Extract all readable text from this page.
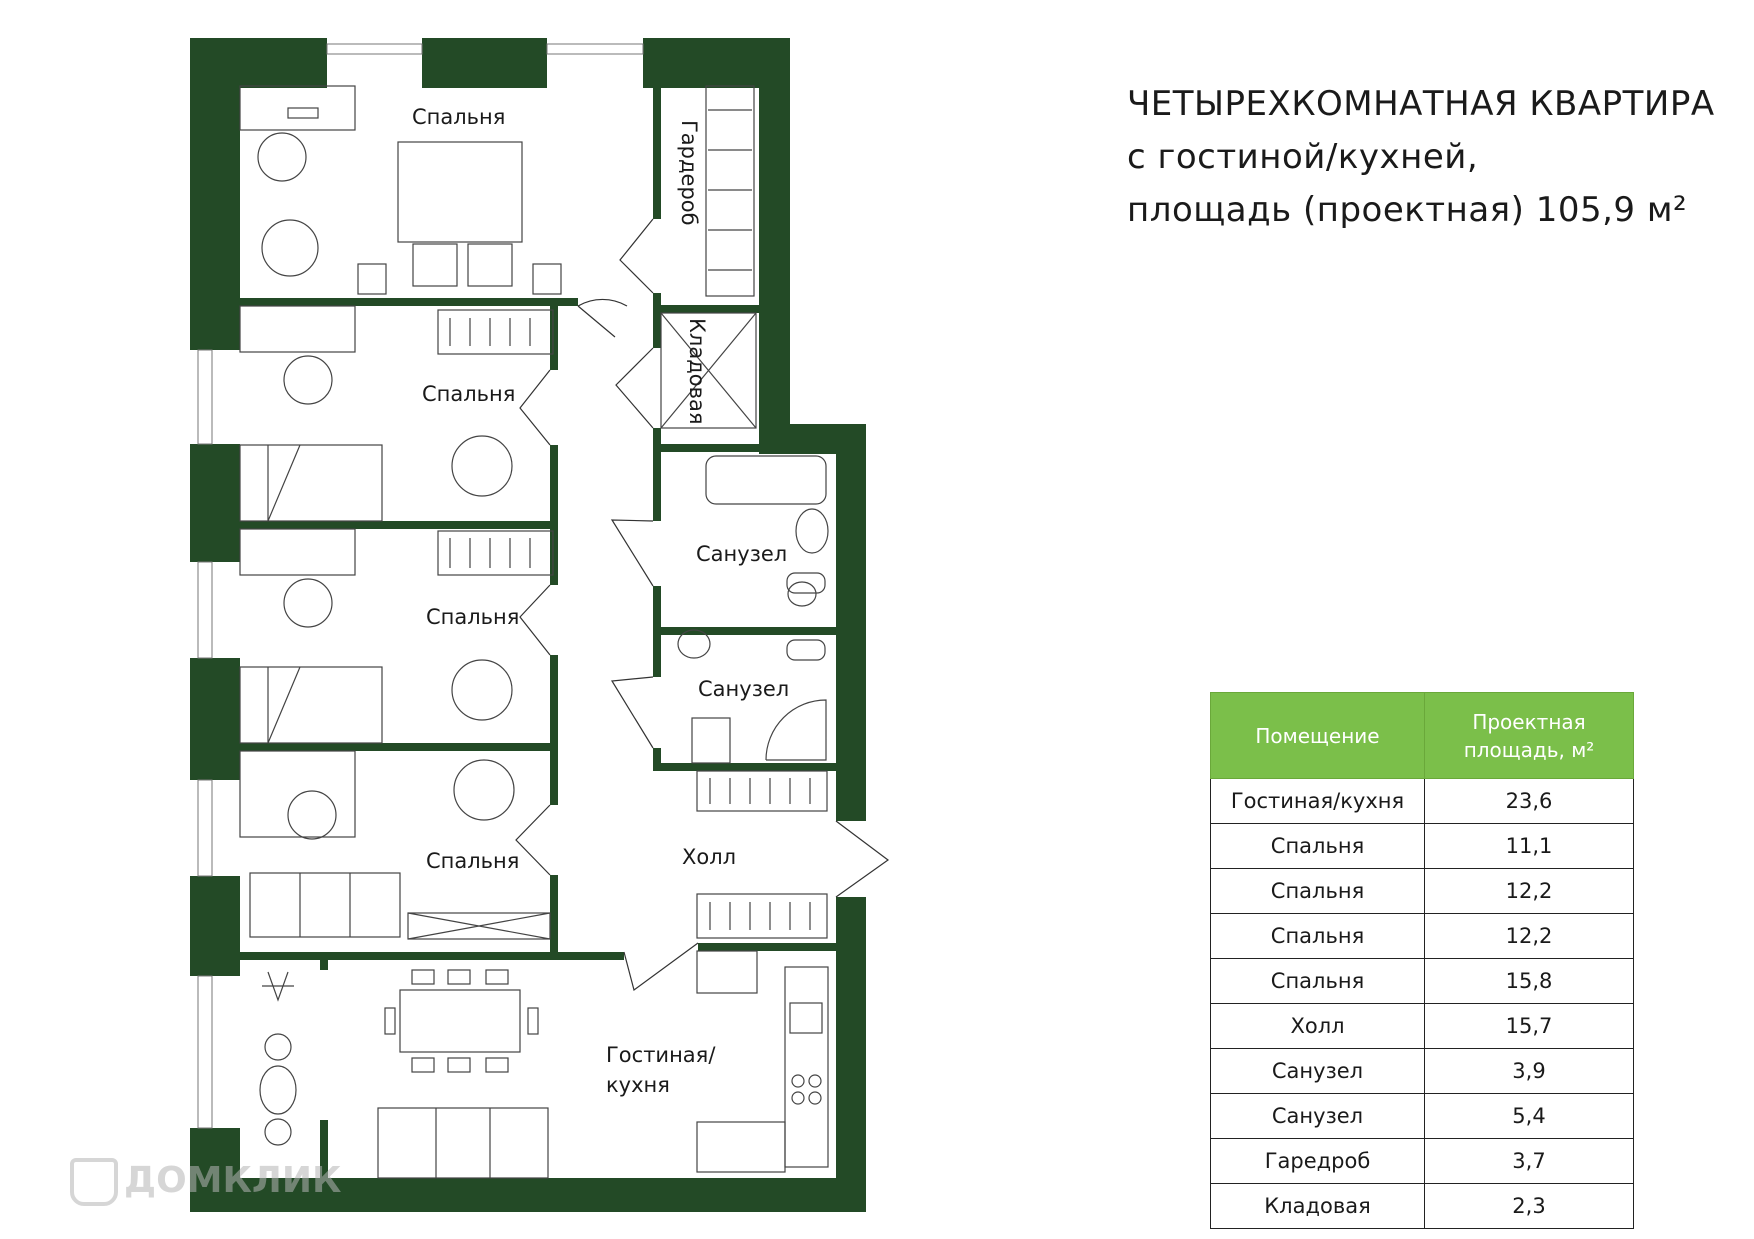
Спальня
Спальня
Спальня
Спальня
Санузел
Санузел
Холл
Гостиная/
кухня
Гардероб
Кладовая
ЧЕТЫРЕХКОМНАТНАЯ КВАРТИРА
с гостиной/кухней,
площадь (проектная) 105,9 м²
Помещение	Проектная
площадь, м²

Гостиная/кухня	23,6
Спальня	11,1
Спальня	12,2
Спальня	12,2
Спальня	15,8
Холл	15,7
Санузел	3,9
Санузел	5,4
Гаредроб	3,7
Кладовая	2,3
ДОМКЛИК
